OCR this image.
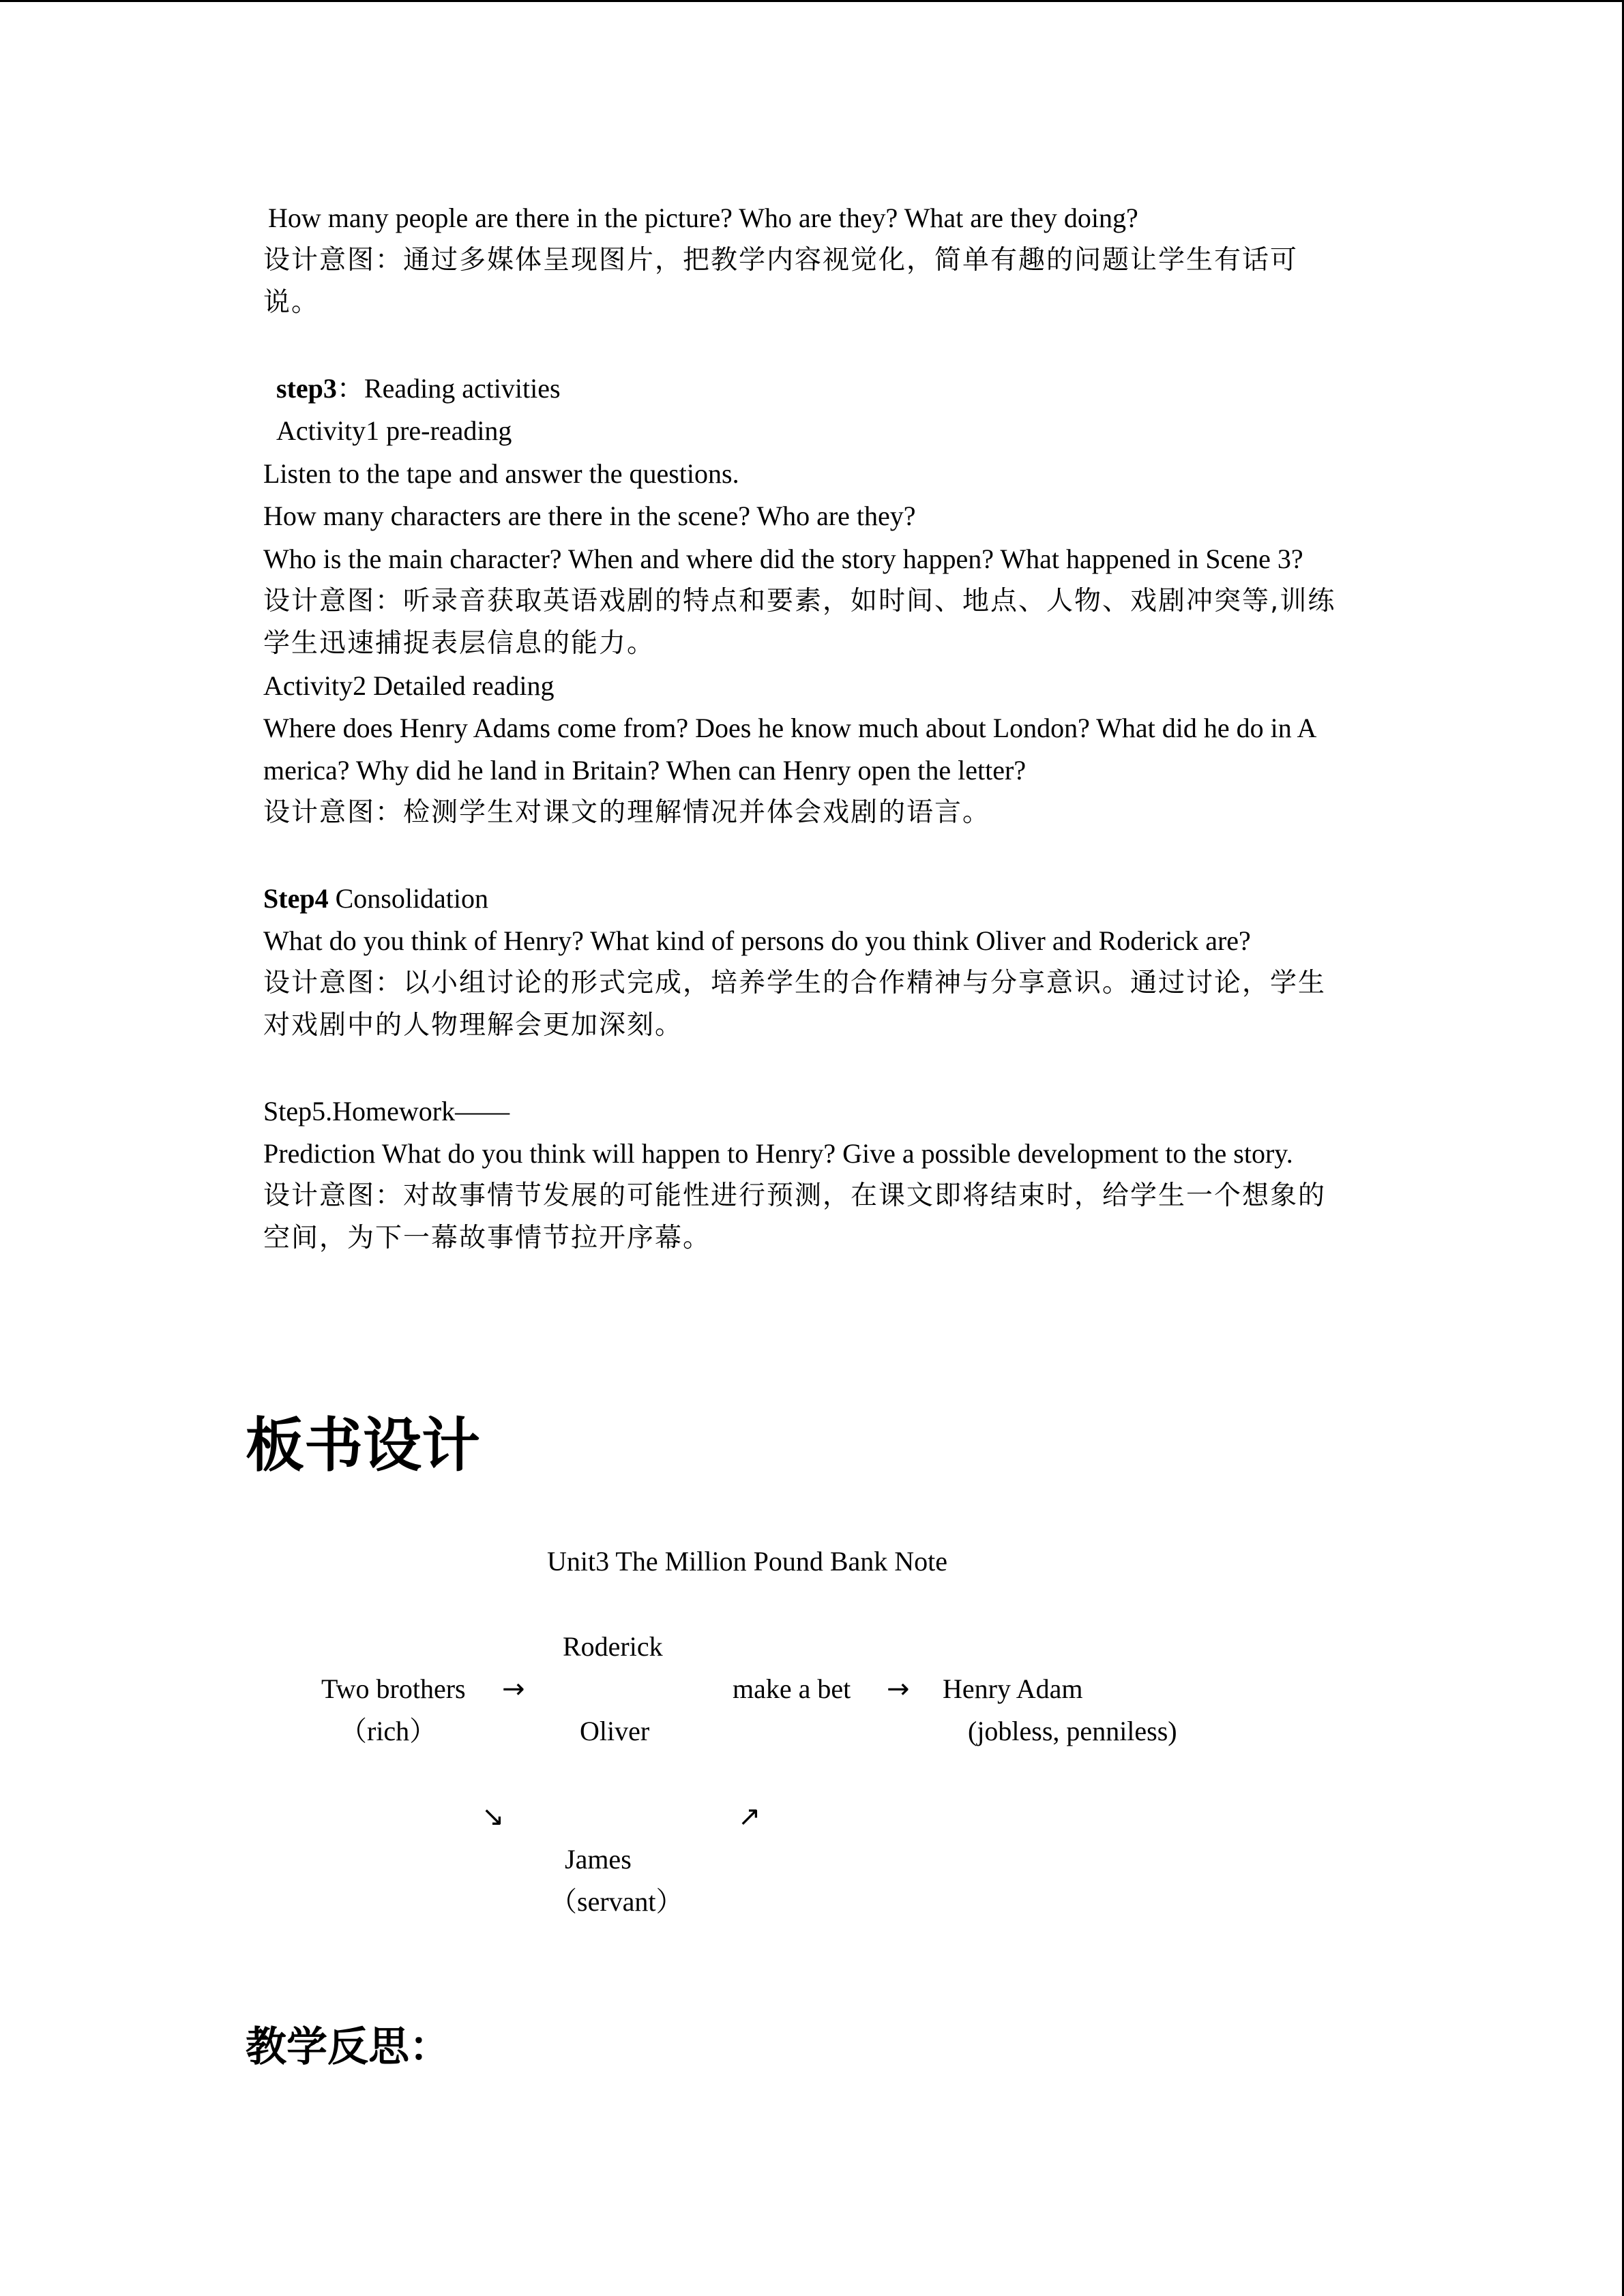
How many people are there in the picture? Who are they? What are they doing?
设计意图：通过多媒体呈现图片，把教学内容视觉化，简单有趣的问题让学生有话可
说。
step3：Reading activities
Activity1 pre-reading
Listen to the tape and answer the questions.
How many characters are there in the scene? Who are they?
Who is the main character? When and where did the story happen? What happened in Scene 3?
设计意图：听录音获取英语戏剧的特点和要素，如时间、地点、人物、戏剧冲突等,训练
学生迅速捕捉表层信息的能力。
Activity2 Detailed reading
Where does Henry Adams come from? Does he know much about London? What did he do in A
merica? Why did he land in Britain? When can Henry open the letter?
设计意图：检测学生对课文的理解情况并体会戏剧的语言。
Step4 Consolidation
What do you think of Henry? What kind of persons do you think Oliver and Roderick are?
设计意图：以小组讨论的形式完成，培养学生的合作精神与分享意识。通过讨论，学生
对戏剧中的人物理解会更加深刻。
Step5.Homework——
Prediction What do you think will happen to Henry? Give a possible development to the story.
设计意图：对故事情节发展的可能性进行预测，在课文即将结束时，给学生一个想象的
空间，为下一幕故事情节拉开序幕。
板书设计
Unit3 The Million Pound Bank Note
Roderick
Two brothers →	make a bet → Henry Adam
（rich）	Oliver	(jobless, penniless)
↘	↗
James
（servant）
教学反思：
